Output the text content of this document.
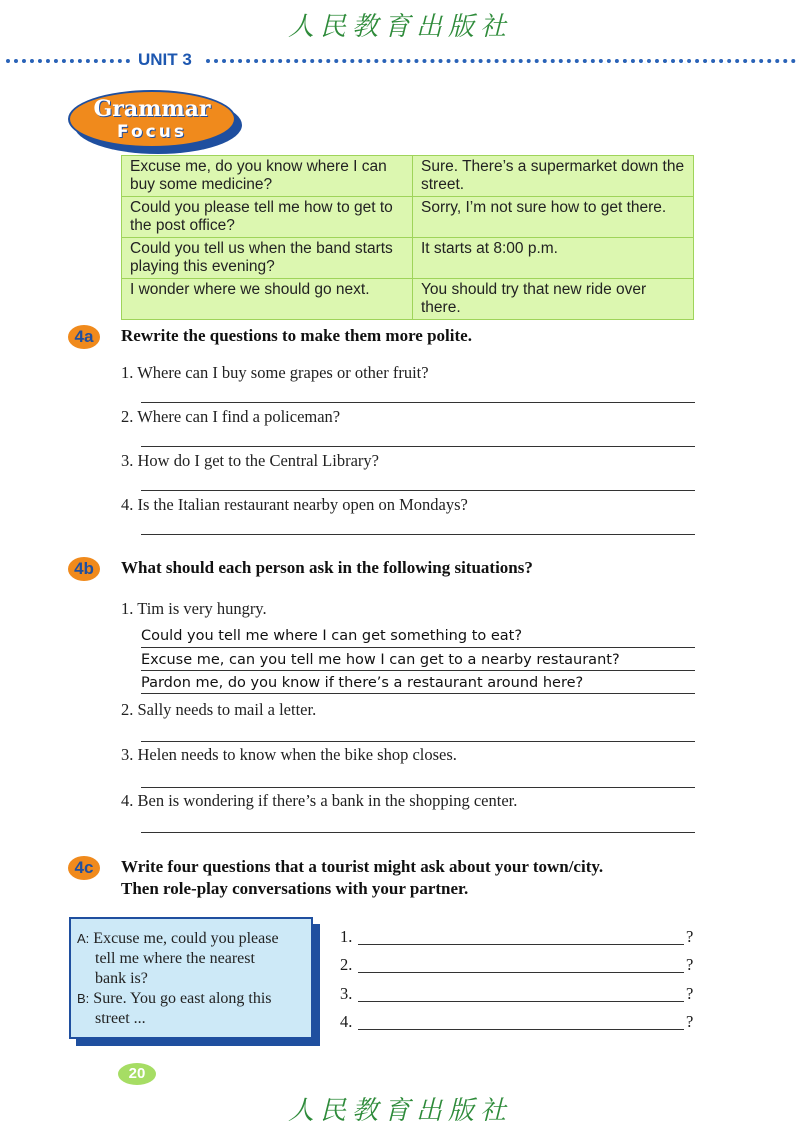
人民教育出版社
UNIT 3
Grammar
Focus
Excuse me, do you know where I can buy some medicine?	Sure. There’s a supermarket down the street.
Could you please tell me how to get to the post office?	Sorry, I’m not sure how to get there.
Could you tell us when the band starts playing this evening?	It starts at 8:00 p.m.
I wonder where we should go next.	You should try that new ride over there.
4a	Rewrite the questions to make them more polite.
1. Where can I buy some grapes or other fruit?
2. Where can I find a policeman?
3. How do I get to the Central Library?
4. Is the Italian restaurant nearby open on Mondays?
4b	What should each person ask in the following situations?
1. Tim is very hungry.
Could you tell me where I can get something to eat?
Excuse me, can you tell me how I can get to a nearby restaurant?
Pardon me, do you know if there’s a restaurant around here?
2. Sally needs to mail a letter.
3. Helen needs to know when the bike shop closes.
4. Ben is wondering if there’s a bank in the shopping center.
4c	Write four questions that a tourist might ask about your town/city.
Then role-play conversations with your partner.
A: Excuse me, could you please
tell me where the nearest
bank is?
B: Sure. You go east along this
street ...
1.	?
2.	?
3.	?
4.	?
20
人民教育出版社
